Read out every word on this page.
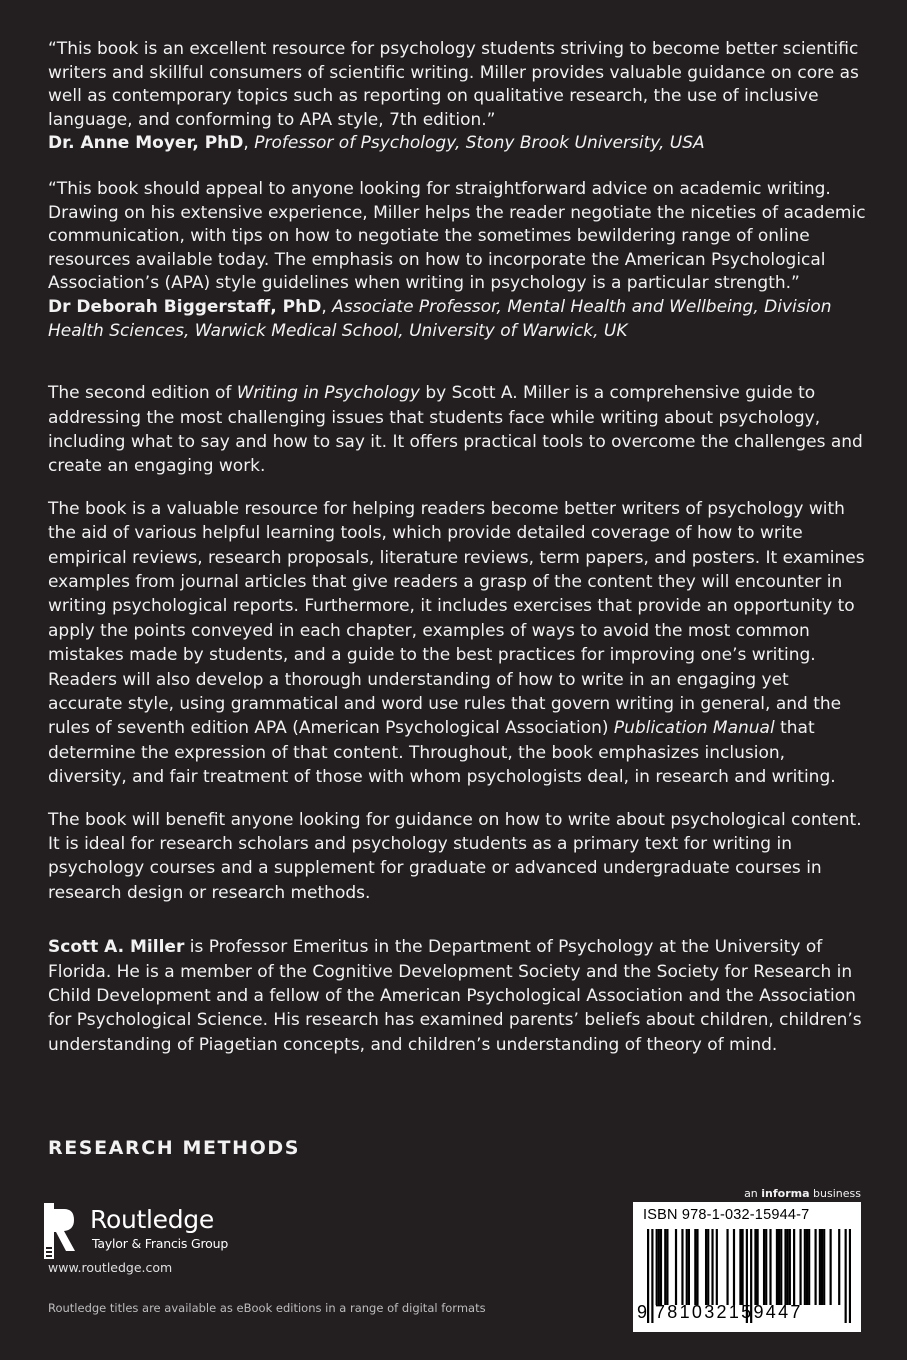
“This book is an excellent resource for psychology students striving to become better scientific writers and skillful consumers of scientific writing. Miller provides valuable guidance on core as well as contemporary topics such as reporting on qualitative research, the use of inclusive language, and conforming to APA style, 7th edition.”

Dr. Anne Moyer, PhD, Professor of Psychology, Stony Brook University, USA

“This book should appeal to anyone looking for straightforward advice on academic writing. Drawing on his extensive experience, Miller helps the reader negotiate the niceties of academic communication, with tips on how to negotiate the sometimes bewildering range of online resources available today. The emphasis on how to incorporate the American Psychological Association’s (APA) style guidelines when writing in psychology is a particular strength.”

Dr Deborah Biggerstaff, PhD, Associate Professor, Mental Health and Wellbeing, Division Health Sciences, Warwick Medical School, University of Warwick, UK

The second edition of Writing in Psychology by Scott A. Miller is a comprehensive guide to addressing the most challenging issues that students face while writing about psychology, including what to say and how to say it. It offers practical tools to overcome the challenges and create an engaging work.

The book is a valuable resource for helping readers become better writers of psychology with the aid of various helpful learning tools, which provide detailed coverage of how to write empirical reviews, research proposals, literature reviews, term papers, and posters. It examines examples from journal articles that give readers a grasp of the content they will encounter in writing psychological reports. Furthermore, it includes exercises that provide an opportunity to apply the points conveyed in each chapter, examples of ways to avoid the most common mistakes made by students, and a guide to the best practices for improving one’s writing. Readers will also develop a thorough understanding of how to write in an engaging yet accurate style, using grammatical and word use rules that govern writing in general, and the rules of seventh edition APA (American Psychological Association) Publication Manual that determine the expression of that content. Throughout, the book emphasizes inclusion, diversity, and fair treatment of those with whom psychologists deal, in research and writing.

The book will benefit anyone looking for guidance on how to write about psychological content. It is ideal for research scholars and psychology students as a primary text for writing in psychology courses and a supplement for graduate or advanced undergraduate courses in research design or research methods.

Scott A. Miller is Professor Emeritus in the Department of Psychology at the University of Florida. He is a member of the Cognitive Development Society and the Society for Research in Child Development and a fellow of the American Psychological Association and the Association for Psychological Science. His research has examined parents’ beliefs about children, children’s understanding of Piagetian concepts, and children’s understanding of theory of mind.

RESEARCH METHODS
Routledge
Taylor & Francis Group
www.routledge.com
Routledge titles are available as eBook editions in a range of digital formats
an informa business
ISBN 978-1-032-15944-7
9 781032159447
